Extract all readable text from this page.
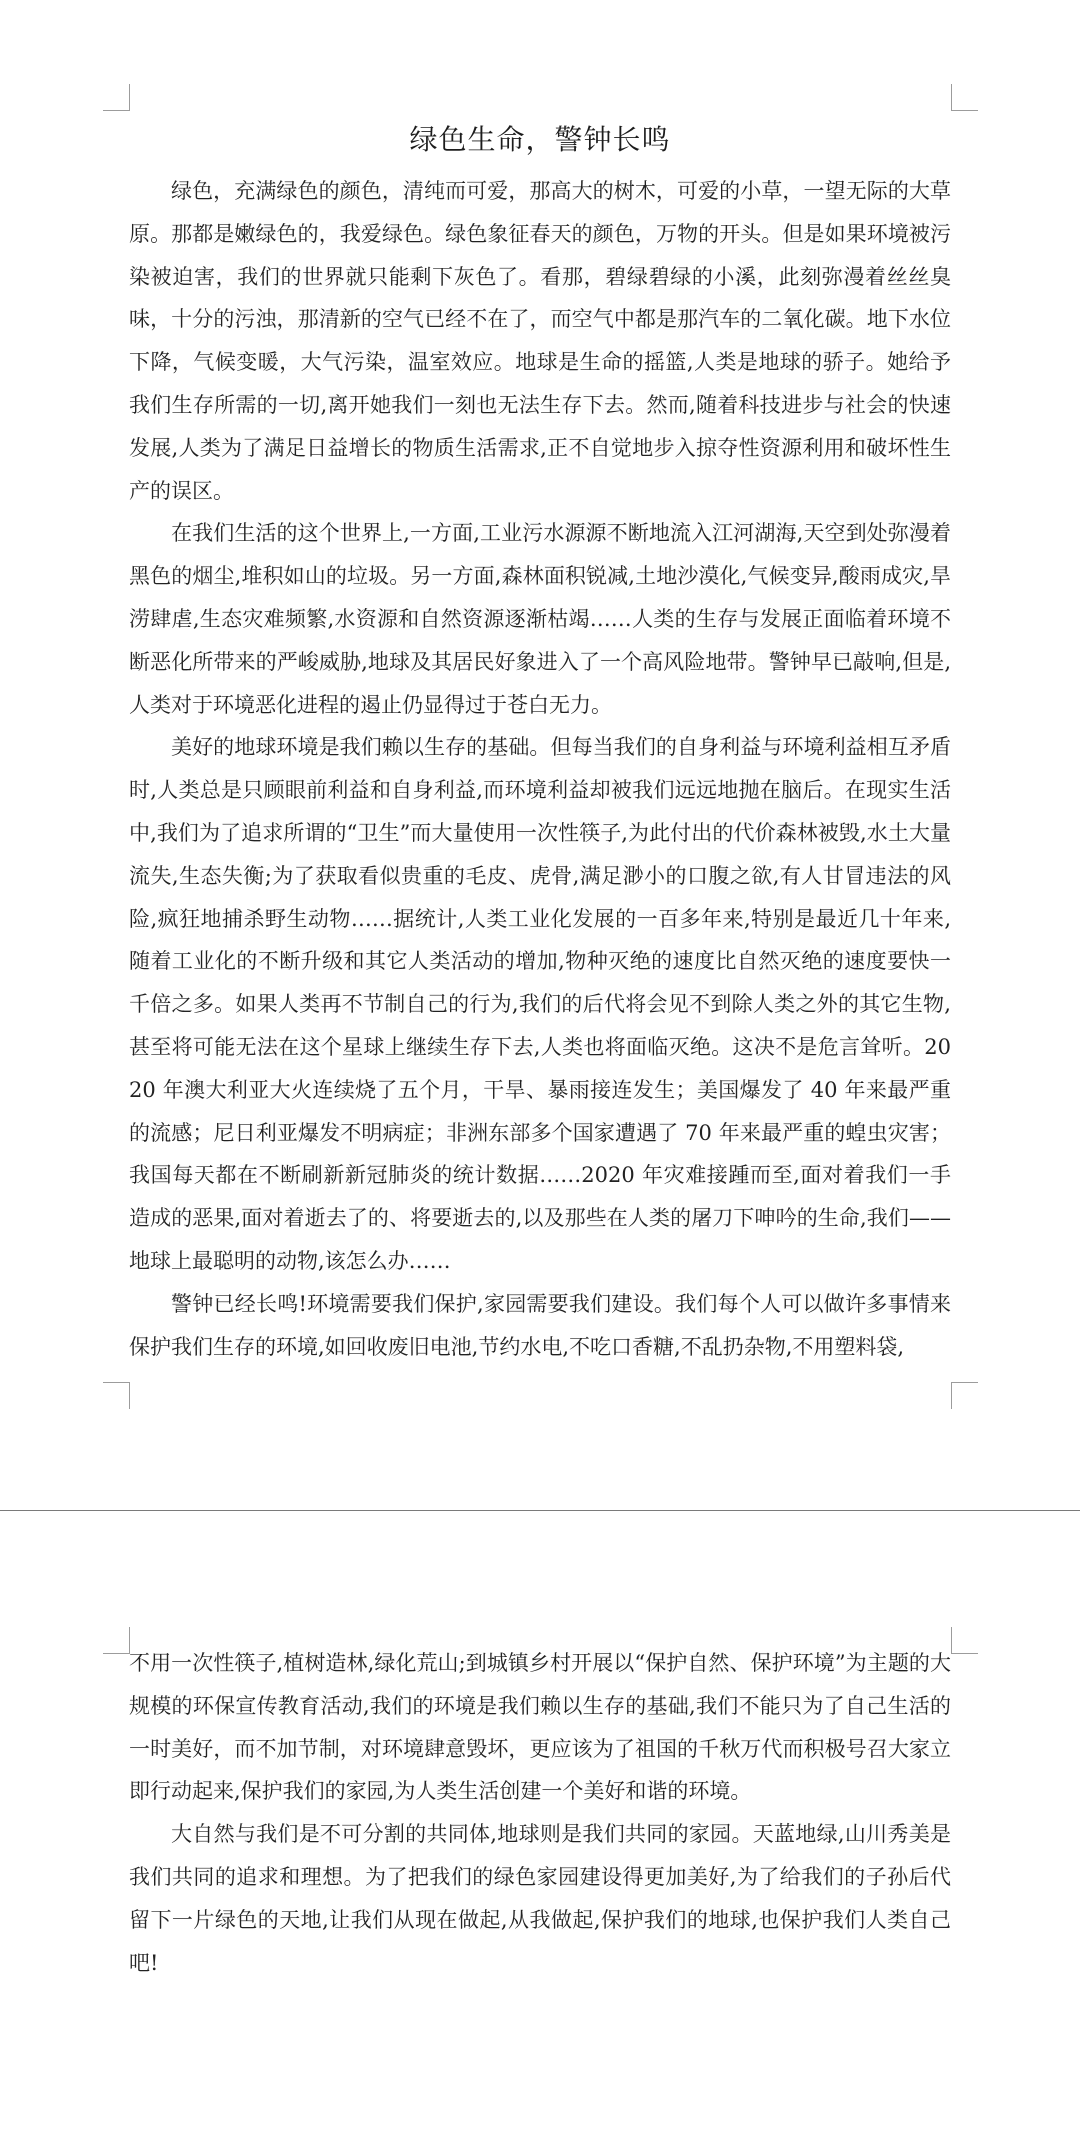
绿色生命，警钟长鸣

绿色，充满绿色的颜色，清纯而可爱，那高大的树木，可爱的小草，一望无际的大草原。那都是嫩绿色的，我爱绿色。绿色象征春天的颜色，万物的开头。但是如果环境被污染被迫害，我们的世界就只能剩下灰色了。看那，碧绿碧绿的小溪，此刻弥漫着丝丝臭味，十分的污浊，那清新的空气已经不在了，而空气中都是那汽车的二氧化碳。地下水位下降，气候变暖，大气污染，温室效应。地球是生命的摇篮,人类是地球的骄子。她给予我们生存所需的一切,离开她我们一刻也无法生存下去。然而,随着科技进步与社会的快速发展,人类为了满足日益增长的物质生活需求,正不自觉地步入掠夺性资源利用和破坏性生产的误区。

在我们生活的这个世界上,一方面,工业污水源源不断地流入江河湖海,天空到处弥漫着黑色的烟尘,堆积如山的垃圾。另一方面,森林面积锐减,土地沙漠化,气候变异,酸雨成灾,旱涝肆虐,生态灾难频繁,水资源和自然资源逐渐枯竭……人类的生存与发展正面临着环境不断恶化所带来的严峻威胁,地球及其居民好象进入了一个高风险地带。警钟早已敲响,但是,人类对于环境恶化进程的遏止仍显得过于苍白无力。

美好的地球环境是我们赖以生存的基础。但每当我们的自身利益与环境利益相互矛盾时,人类总是只顾眼前利益和自身利益,而环境利益却被我们远远地抛在脑后。在现实生活中,我们为了追求所谓的“卫生”而大量使用一次性筷子,为此付出的代价森林被毁,水土大量流失,生态失衡;为了获取看似贵重的毛皮、虎骨,满足渺小的口腹之欲,有人甘冒违法的风险,疯狂地捕杀野生动物……据统计,人类工业化发展的一百多年来,特别是最近几十年来,随着工业化的不断升级和其它人类活动的增加,物种灭绝的速度比自然灭绝的速度要快一千倍之多。如果人类再不节制自己的行为,我们的后代将会见不到除人类之外的其它生物,甚至将可能无法在这个星球上继续生存下去,人类也将面临灭绝。这决不是危言耸听。2020 年澳大利亚大火连续烧了五个月，干旱、暴雨接连发生；美国爆发了 40 年来最严重的流感；尼日利亚爆发不明病症；非洲东部多个国家遭遇了 70 年来最严重的蝗虫灾害；我国每天都在不断刷新新冠肺炎的统计数据……2020 年灾难接踵而至,面对着我们一手造成的恶果,面对着逝去了的、将要逝去的,以及那些在人类的屠刀下呻吟的生命,我们——地球上最聪明的动物,该怎么办……

警钟已经长鸣!环境需要我们保护,家园需要我们建设。我们每个人可以做许多事情来保护我们生存的环境,如回收废旧电池,节约水电,不吃口香糖,不乱扔杂物,不用塑料袋,

不用一次性筷子,植树造林,绿化荒山;到城镇乡村开展以“保护自然、保护环境”为主题的大规模的环保宣传教育活动,我们的环境是我们赖以生存的基础,我们不能只为了自己生活的一时美好，而不加节制，对环境肆意毁坏，更应该为了祖国的千秋万代而积极号召大家立即行动起来,保护我们的家园,为人类生活创建一个美好和谐的环境。

大自然与我们是不可分割的共同体,地球则是我们共同的家园。天蓝地绿,山川秀美是我们共同的追求和理想。为了把我们的绿色家园建设得更加美好,为了给我们的子孙后代留下一片绿色的天地,让我们从现在做起,从我做起,保护我们的地球,也保护我们人类自己吧!
